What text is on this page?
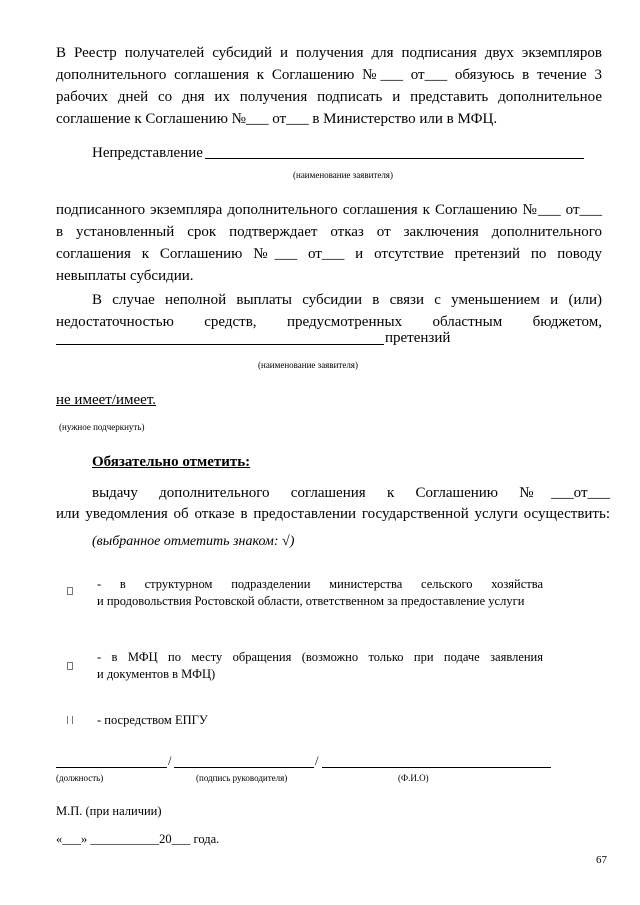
В Реестр получателей субсидий и получения для подписания двух экземпляров

дополнительного соглашения к Соглашению №___ от___ обязуюсь в течение 3

рабочих дней со дня их получения подписать и представить дополнительное

соглашение к Соглашению №___ от___ в Министерство или в МФЦ.

Непредставление

(наименование заявителя)

подписанного экземпляра дополнительного соглашения к Соглашению №___ от___

в установленный срок подтверждает отказ от заключения дополнительного

соглашения к Соглашению №___ от___ и отсутствие претензий по поводу

невыплаты субсидии.

В случае неполной выплаты субсидии в связи с уменьшением и (или)

недостаточностью средств, предусмотренных областным бюджетом,

претензий

(наименование заявителя)

не имеет/имеет.

(нужное подчеркнуть)

Обязательно отметить:

выдачу дополнительного соглашения к Соглашению №___от___

или уведомления об отказе в предоставлении государственной услуги осуществить:

(выбранное отметить знаком: √)

- в структурном подразделении министерства сельского хозяйства
и продовольствия Ростовской области, ответственном за предоставление услуги
- в МФЦ по месту обращения (возможно только при подаче заявления
и документов в МФЦ)
- посредством ЕПГУ
/	/
(должность)	(подпись руководителя)	(Ф.И.О)
М.П. (при наличии)
«___» ___________20___ года.
67
